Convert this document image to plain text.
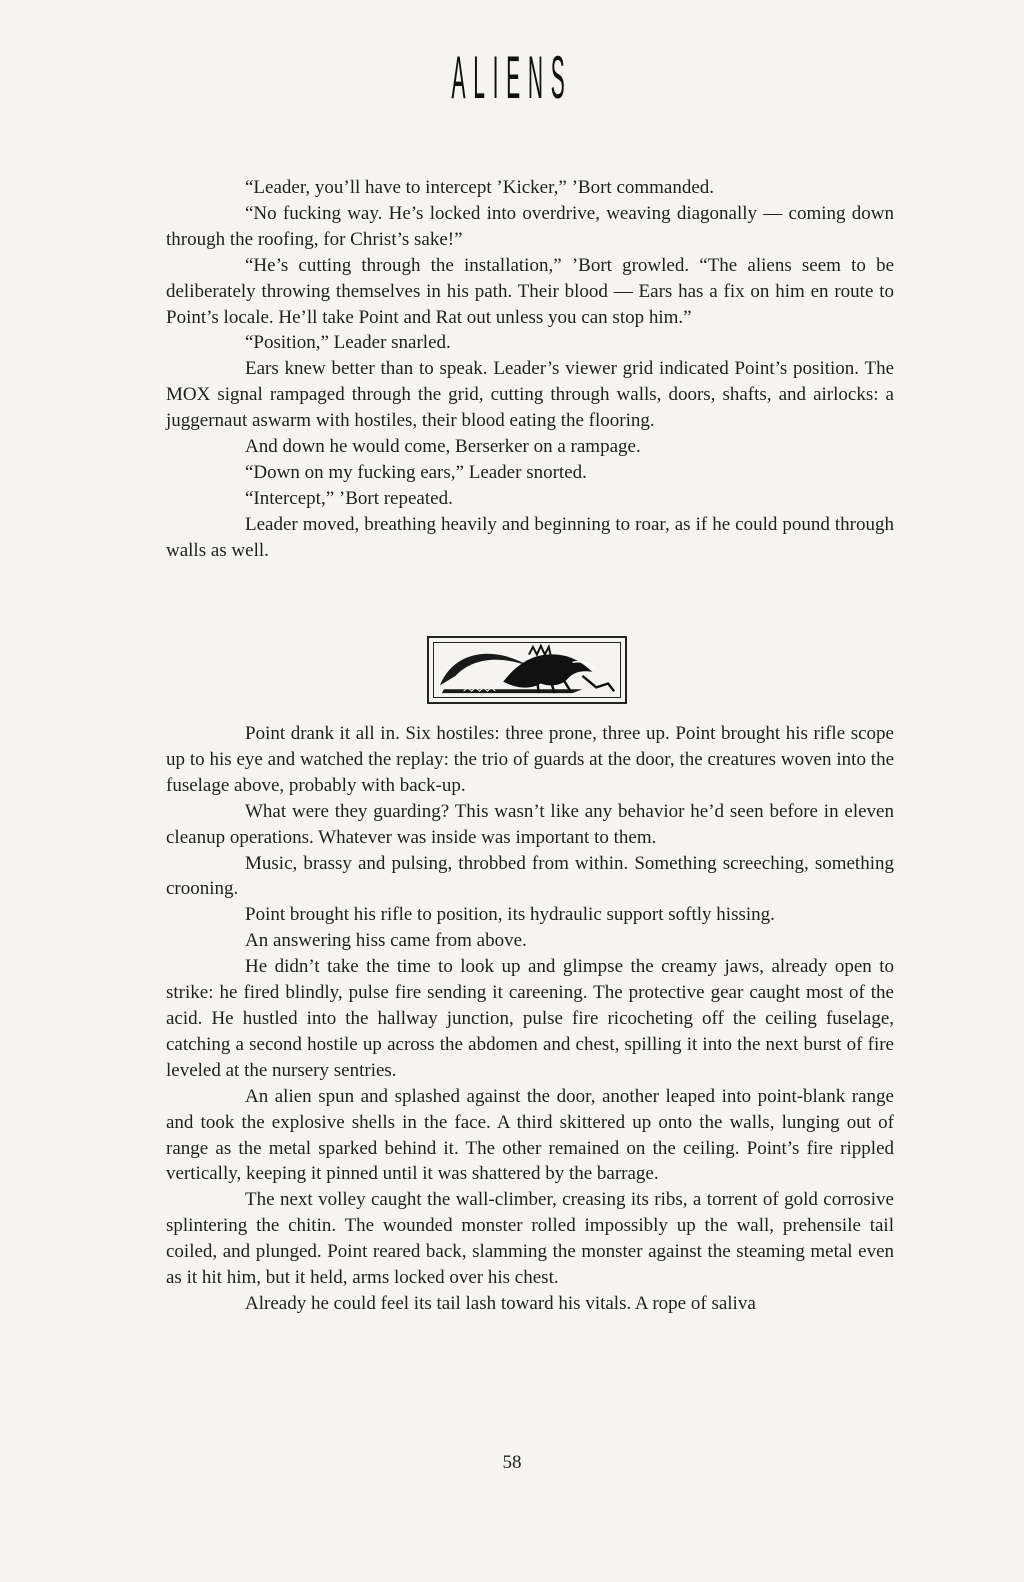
ALIENS

“Leader, you’ll have to intercept ’Kicker,” ’Bort commanded.

“No fucking way. He’s locked into overdrive, weaving diagonally — coming down through the roofing, for Christ’s sake!”

“He’s cutting through the installation,” ’Bort growled. “The aliens seem to be deliberately throwing themselves in his path. Their blood — Ears has a fix on him en route to Point’s locale. He’ll take Point and Rat out unless you can stop him.”

“Position,” Leader snarled.

Ears knew better than to speak. Leader’s viewer grid indicated Point’s position. The MOX signal rampaged through the grid, cutting through walls, doors, shafts, and airlocks: a juggernaut aswarm with hostiles, their blood eating the flooring.

And down he would come, Berserker on a rampage.

“Down on my fucking ears,” Leader snorted.

“Intercept,” ’Bort repeated.

Leader moved, breathing heavily and beginning to roar, as if he could pound through walls as well.

Point drank it all in. Six hostiles: three prone, three up. Point brought his rifle scope up to his eye and watched the replay: the trio of guards at the door, the creatures woven into the fuselage above, probably with back-up.

What were they guarding? This wasn’t like any behavior he’d seen before in eleven cleanup operations. Whatever was inside was important to them.

Music, brassy and pulsing, throbbed from within. Something screeching, something crooning.

Point brought his rifle to position, its hydraulic support softly hissing.

An answering hiss came from above.

He didn’t take the time to look up and glimpse the creamy jaws, already open to strike: he fired blindly, pulse fire sending it careening. The protective gear caught most of the acid. He hustled into the hallway junction, pulse fire ricocheting off the ceiling fuselage, catching a second hostile up across the abdomen and chest, spilling it into the next burst of fire leveled at the nursery sentries.

An alien spun and splashed against the door, another leaped into point-blank range and took the explosive shells in the face. A third skittered up onto the walls, lunging out of range as the metal sparked behind it. The other remained on the ceiling. Point’s fire rippled vertically, keeping it pinned until it was shattered by the barrage.

The next volley caught the wall-climber, creasing its ribs, a torrent of gold corrosive splintering the chitin. The wounded monster rolled impossibly up the wall, prehensile tail coiled, and plunged. Point reared back, slamming the monster against the steaming metal even as it hit him, but it held, arms locked over his chest.

Already he could feel its tail lash toward his vitals. A rope of saliva

58
